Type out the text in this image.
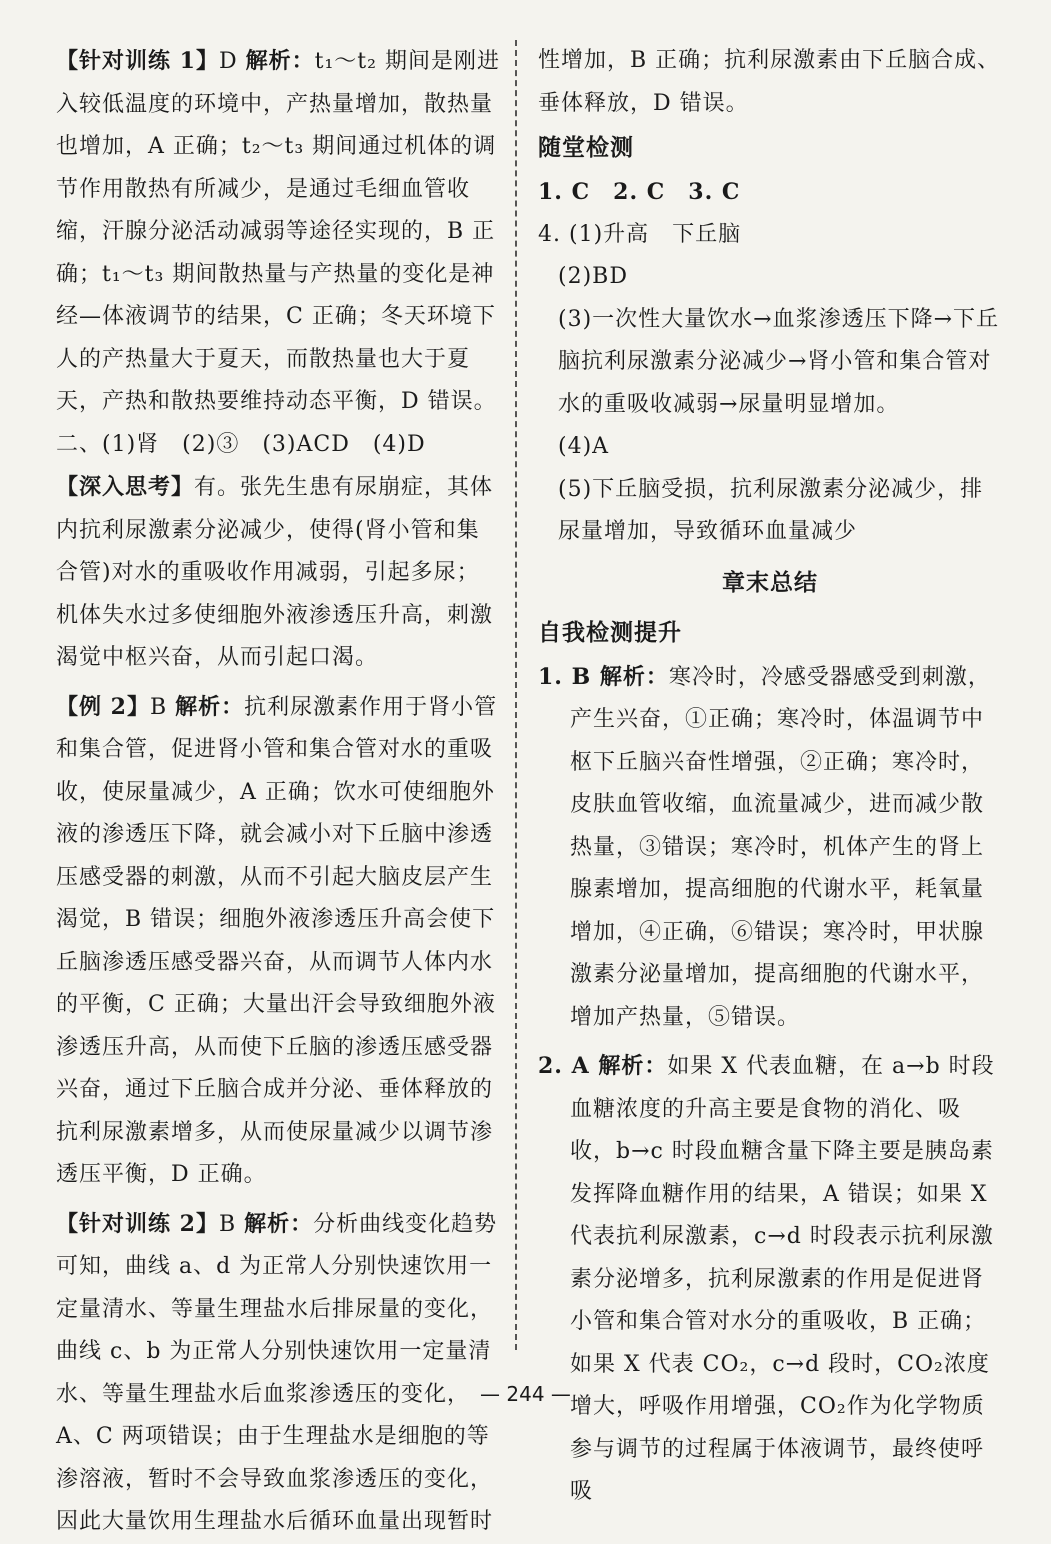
【针对训练 1】D 解析：t₁～t₂ 期间是刚进入较低温度的环境中，产热量增加，散热量也增加，A 正确；t₂～t₃ 期间通过机体的调节作用散热有所减少，是通过毛细血管收缩，汗腺分泌活动减弱等途径实现的，B 正确；t₁～t₃ 期间散热量与产热量的变化是神经—体液调节的结果，C 正确；冬天环境下人的产热量大于夏天，而散热量也大于夏天，产热和散热要维持动态平衡，D 错误。

二、(1)肾　(2)③　(3)ACD　(4)D

【深入思考】有。张先生患有尿崩症，其体内抗利尿激素分泌减少，使得(肾小管和集合管)对水的重吸收作用减弱，引起多尿；机体失水过多使细胞外液渗透压升高，刺激渴觉中枢兴奋，从而引起口渴。

【例 2】B 解析：抗利尿激素作用于肾小管和集合管，促进肾小管和集合管对水的重吸收，使尿量减少，A 正确；饮水可使细胞外液的渗透压下降，就会减小对下丘脑中渗透压感受器的刺激，从而不引起大脑皮层产生渴觉，B 错误；细胞外液渗透压升高会使下丘脑渗透压感受器兴奋，从而调节人体内水的平衡，C 正确；大量出汗会导致细胞外液渗透压升高，从而使下丘脑的渗透压感受器兴奋，通过下丘脑合成并分泌、垂体释放的抗利尿激素增多，从而使尿量减少以调节渗透压平衡，D 正确。

【针对训练 2】B 解析：分析曲线变化趋势可知，曲线 a、d 为正常人分别快速饮用一定量清水、等量生理盐水后排尿量的变化，曲线 c、b 为正常人分别快速饮用一定量清水、等量生理盐水后血浆渗透压的变化，A、C 两项错误；由于生理盐水是细胞的等渗溶液，暂时不会导致血浆渗透压的变化，因此大量饮用生理盐水后循环血量出现暂时

性增加，B 正确；抗利尿激素由下丘脑合成、垂体释放，D 错误。

随堂检测

1. C　2. C　3. C

4. (1)升高　下丘脑

(2)BD

(3)一次性大量饮水→血浆渗透压下降→下丘脑抗利尿激素分泌减少→肾小管和集合管对水的重吸收减弱→尿量明显增加。

(4)A

(5)下丘脑受损，抗利尿激素分泌减少，排尿量增加，导致循环血量减少

章末总结

自我检测提升

1. B 解析：寒冷时，冷感受器感受到刺激，产生兴奋，①正确；寒冷时，体温调节中枢下丘脑兴奋性增强，②正确；寒冷时，皮肤血管收缩，血流量减少，进而减少散热量，③错误；寒冷时，机体产生的肾上腺素增加，提高细胞的代谢水平，耗氧量增加，④正确，⑥错误；寒冷时，甲状腺激素分泌量增加，提高细胞的代谢水平，增加产热量，⑤错误。

2. A 解析：如果 X 代表血糖，在 a→b 时段血糖浓度的升高主要是食物的消化、吸收，b→c 时段血糖含量下降主要是胰岛素发挥降血糖作用的结果，A 错误；如果 X 代表抗利尿激素，c→d 时段表示抗利尿激素分泌增多，抗利尿激素的作用是促进肾小管和集合管对水分的重吸收，B 正确；如果 X 代表 CO₂，c→d 段时，CO₂浓度增大，呼吸作用增强，CO₂作为化学物质参与调节的过程属于体液调节，最终使呼吸

— 244 —
